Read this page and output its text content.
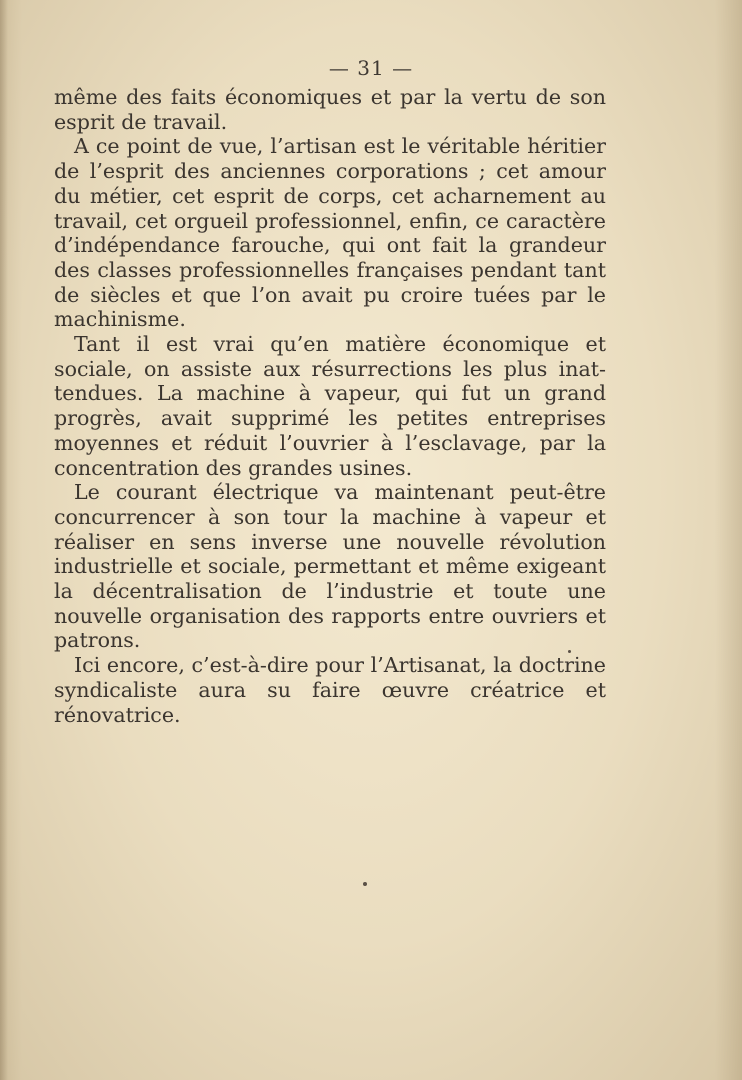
— 31 —

même des faits économiques et par la vertu de son esprit de travail.

A ce point de vue, l’artisan est le véritable héritier de l’esprit des anciennes corporations ; cet amour du métier, cet esprit de corps, cet acharnement au travail, cet orgueil professionnel, enfin, ce caractère d’indépendance farouche, qui ont fait la grandeur des classes professionnelles françaises pendant tant de siècles et que l’on avait pu croire tuées par le machinisme.

Tant il est vrai qu’en matière économique et sociale, on assiste aux résurrections les plus inattendues. La machine à vapeur, qui fut un grand progrès, avait supprimé les petites entreprises moyennes et réduit l’ouvrier à l’esclavage, par la concentration des grandes usines.

Le courant électrique va maintenant peut-être concurrencer à son tour la machine à vapeur et réaliser en sens inverse une nouvelle révolution industrielle et sociale, permettant et même exigeant la décentralisation de l’industrie et toute une nouvelle organisation des rapports entre ouvriers et patrons.

Ici encore, c’est-à-dire pour l’Artisanat, la doctrine syndicaliste aura su faire œuvre créatrice et rénovatrice.
